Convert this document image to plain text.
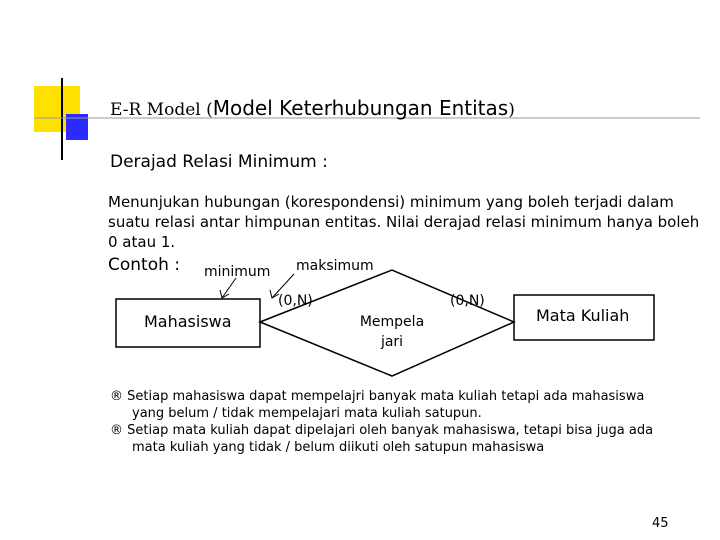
E-R Model (Model Keterhubungan Entitas)
Derajad Relasi Minimum :
Menunjukan hubungan (korespondensi) minimum yang boleh terjadi dalam suatu relasi antar himpunan entitas. Nilai derajad relasi minimum hanya boleh 0 atau 1.
Contoh : minimum maksimum
(0,N)	(0,N)
Mahasiswa	Mata Kuliah
Mempela
jari
® Setiap mahasiswa dapat mempelajri banyak mata kuliah tetapi ada mahasiswa yang belum / tidak mempelajari mata kuliah satupun.
® Setiap mata kuliah dapat dipelajari oleh banyak mahasiswa, tetapi bisa juga ada mata kuliah yang tidak / belum diikuti oleh satupun mahasiswa
45
